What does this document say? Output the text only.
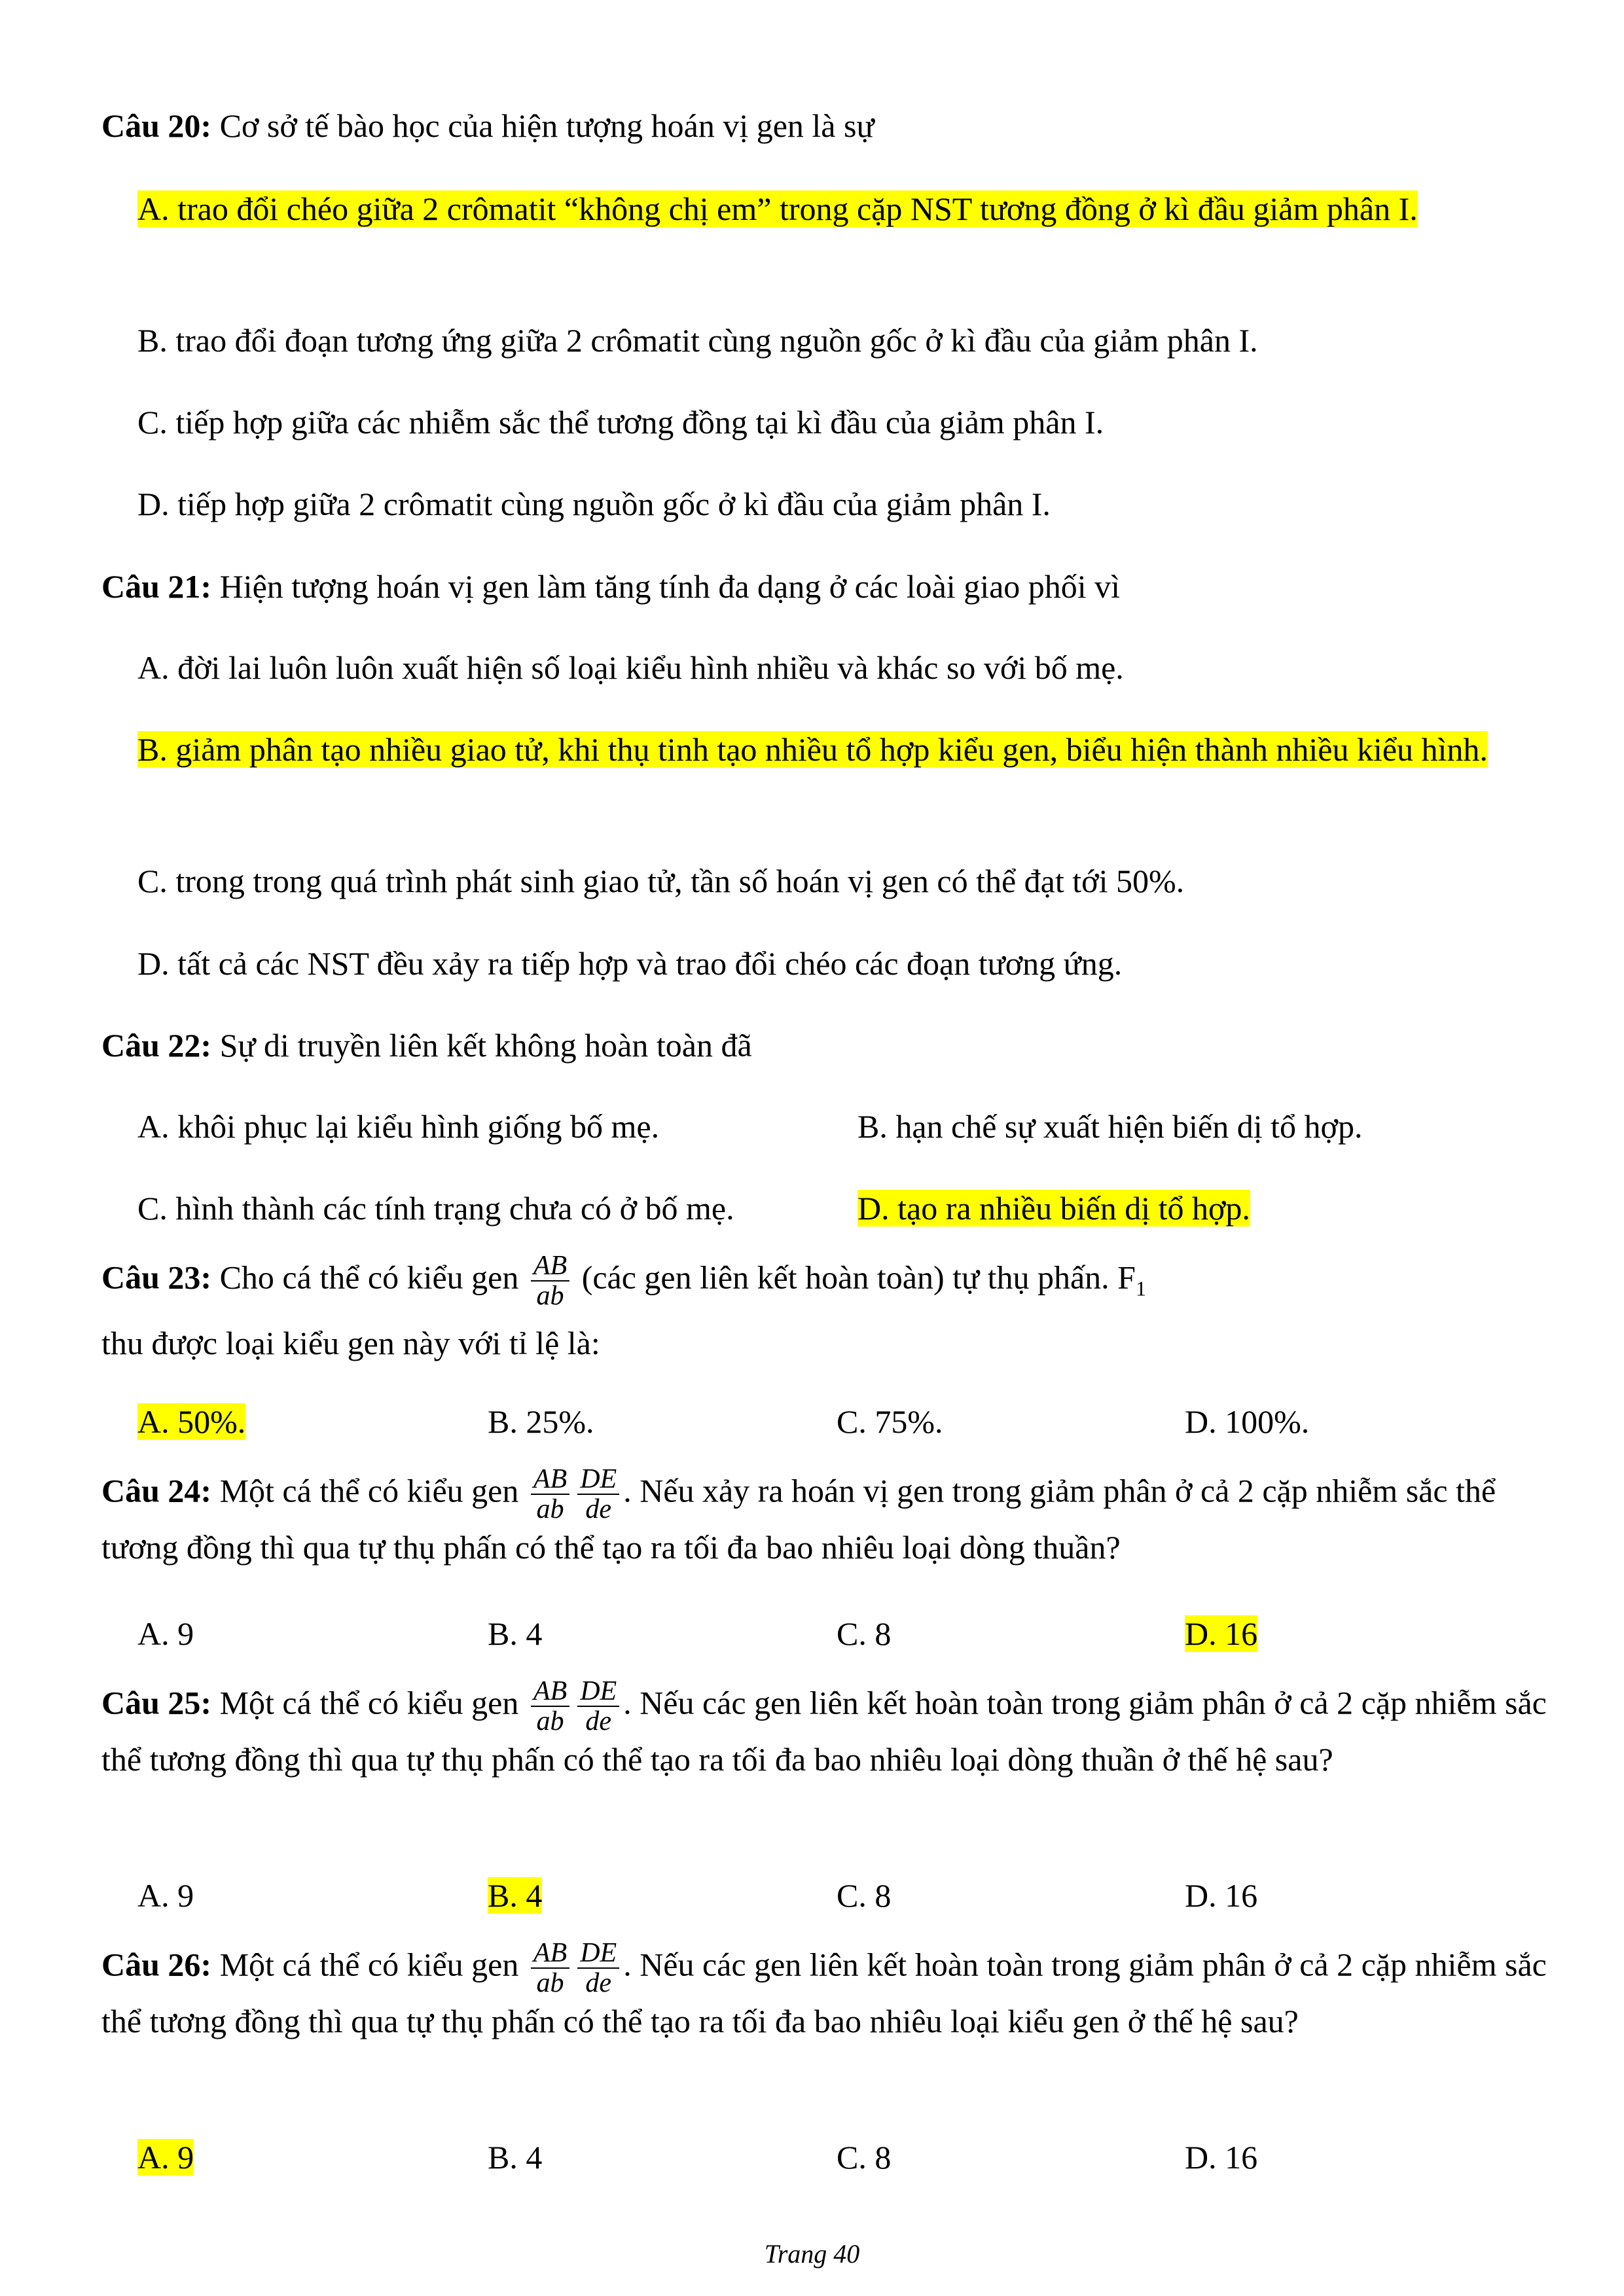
Câu 20: Cơ sở tế bào học của hiện tượng hoán vị gen là sự
A. trao đổi chéo giữa 2 crômatit “không chị em” trong cặp NST tương đồng ở kì đầu giảm phân I.
B. trao đổi đoạn tương ứng giữa 2 crômatit cùng nguồn gốc ở kì đầu của giảm phân I.
C. tiếp hợp giữa các nhiễm sắc thể tương đồng tại kì đầu của giảm phân I.
D. tiếp hợp giữa 2 crômatit cùng nguồn gốc ở kì đầu của giảm phân I.
Câu 21: Hiện tượng hoán vị gen làm tăng tính đa dạng ở các loài giao phối vì
A. đời lai luôn luôn xuất hiện số loại kiểu hình nhiều và khác so với bố mẹ.
B. giảm phân tạo nhiều giao tử, khi thụ tinh tạo nhiều tổ hợp kiểu gen, biểu hiện thành nhiều kiểu hình.
C. trong trong quá trình phát sinh giao tử, tần số hoán vị gen có thể đạt tới 50%.
D. tất cả các NST đều xảy ra tiếp hợp và trao đổi chéo các đoạn tương ứng.
Câu 22: Sự di truyền liên kết không hoàn toàn đã
A. khôi phục lại kiểu hình giống bố mẹ.	B. hạn chế sự xuất hiện biến dị tổ hợp.
C. hình thành các tính trạng chưa có ở bố mẹ.	D. tạo ra nhiều biến dị tổ hợp.
Câu 23: Cho cá thể có kiểu gen $\frac{AB}{ab}$ (các gen liên kết hoàn toàn) tự thụ phấn. $F_1$
thu được loại kiểu gen này với tỉ lệ là:
A. 50%.	B. 25%.	C. 75%.	D. 100%.
Câu 24: Một cá thể có kiểu gen $\frac{AB}{ab} \frac{DE}{de}$ . Nếu xảy ra hoán vị gen trong giảm phân ở cả 2 cặp nhiễm sắc thể tương đồng thì qua tự thụ phấn có thể tạo ra tối đa bao nhiêu loại dòng thuần?
A. 9	B. 4	C. 8	D. 16
Câu 25: Một cá thể có kiểu gen $\frac{AB}{ab} \frac{DE}{de}$ . Nếu các gen liên kết hoàn toàn trong giảm phân ở cả 2 cặp nhiễm sắc thể tương đồng thì qua tự thụ phấn có thể tạo ra tối đa bao nhiêu loại dòng thuần ở thế hệ sau?
A. 9	B. 4	C. 8	D. 16
Câu 26: Một cá thể có kiểu gen $\frac{AB}{ab} \frac{DE}{de}$ . Nếu các gen liên kết hoàn toàn trong giảm phân ở cả 2 cặp nhiễm sắc thể tương đồng thì qua tự thụ phấn có thể tạo ra tối đa bao nhiêu loại kiểu gen ở thế hệ sau?
A. 9	B. 4	C. 8	D. 16
Trang 40
